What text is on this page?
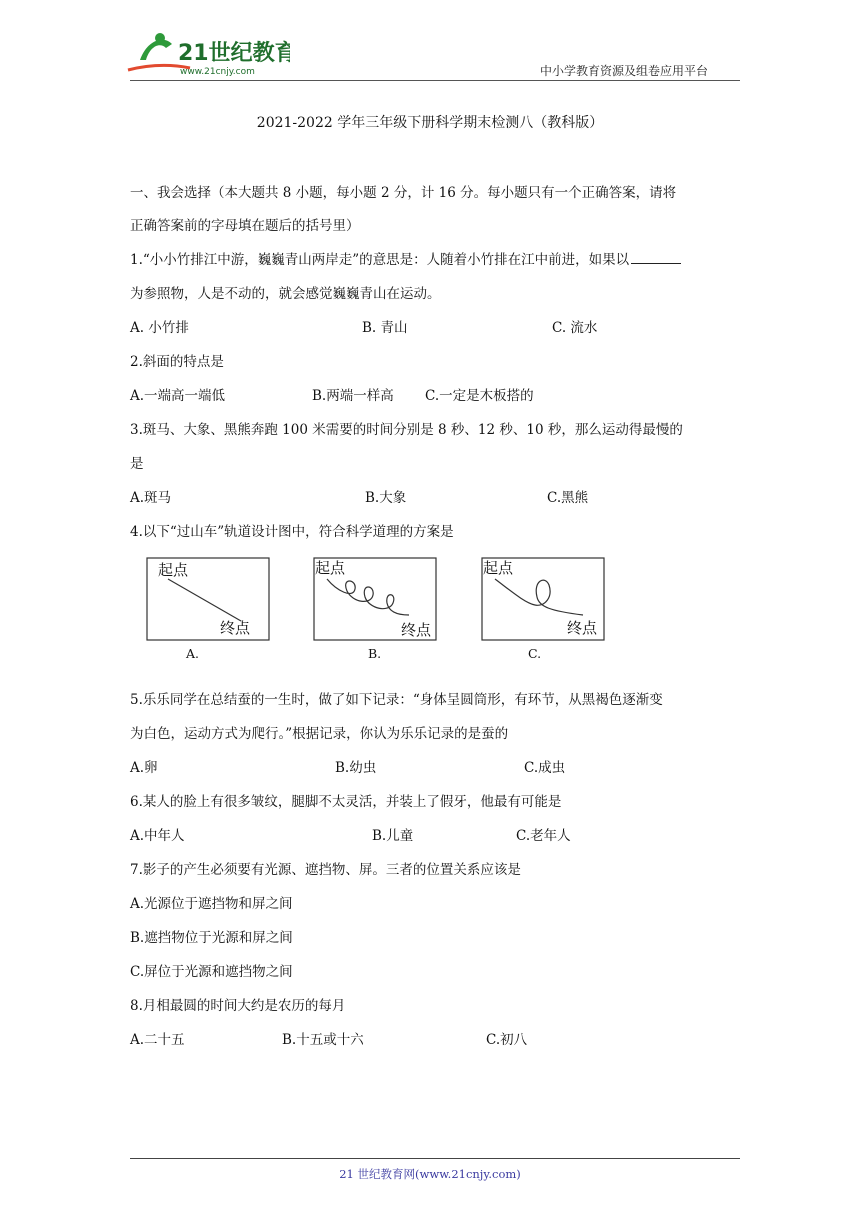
21世纪教育
www.21cnjy.com	中小学教育资源及组卷应用平台
2021-2022 学年三年级下册科学期末检测八（教科版）
一、我会选择（本大题共 8 小题，每小题 2 分，计 16 分。每小题只有一个正确答案，请将
正确答案前的字母填在题后的括号里）
1.“小小竹排江中游，巍巍青山两岸走”的意思是：人随着小竹排在江中前进，如果以
为参照物，人是不动的，就会感觉巍巍青山在运动。
A. 小竹排	B. 青山	C. 流水
2.斜面的特点是
A.一端高一端低	B.两端一样高 C.一定是木板搭的
3.斑马、大象、黑熊奔跑 100 米需要的时间分别是 8 秒、12 秒、10 秒，那么运动得最慢的
是
A.斑马	B.大象	C.黑熊
4.以下“过山车”轨道设计图中，符合科学道理的方案是
起点
终点
A.
起点
终点
B.
起点
终点
C.
5.乐乐同学在总结蚕的一生时，做了如下记录：“身体呈圆筒形，有环节，从黑褐色逐渐变
为白色，运动方式为爬行。”根据记录，你认为乐乐记录的是蚕的
A.卵	B.幼虫	C.成虫
6.某人的脸上有很多皱纹，腿脚不太灵活，并装上了假牙，他最有可能是
A.中年人	B.儿童	C.老年人
7.影子的产生必须要有光源、遮挡物、屏。三者的位置关系应该是
A.光源位于遮挡物和屏之间
B.遮挡物位于光源和屏之间
C.屏位于光源和遮挡物之间
8.月相最圆的时间大约是农历的每月
A.二十五	B.十五或十六	C.初八
21 世纪教育网(www.21cnjy.com)
